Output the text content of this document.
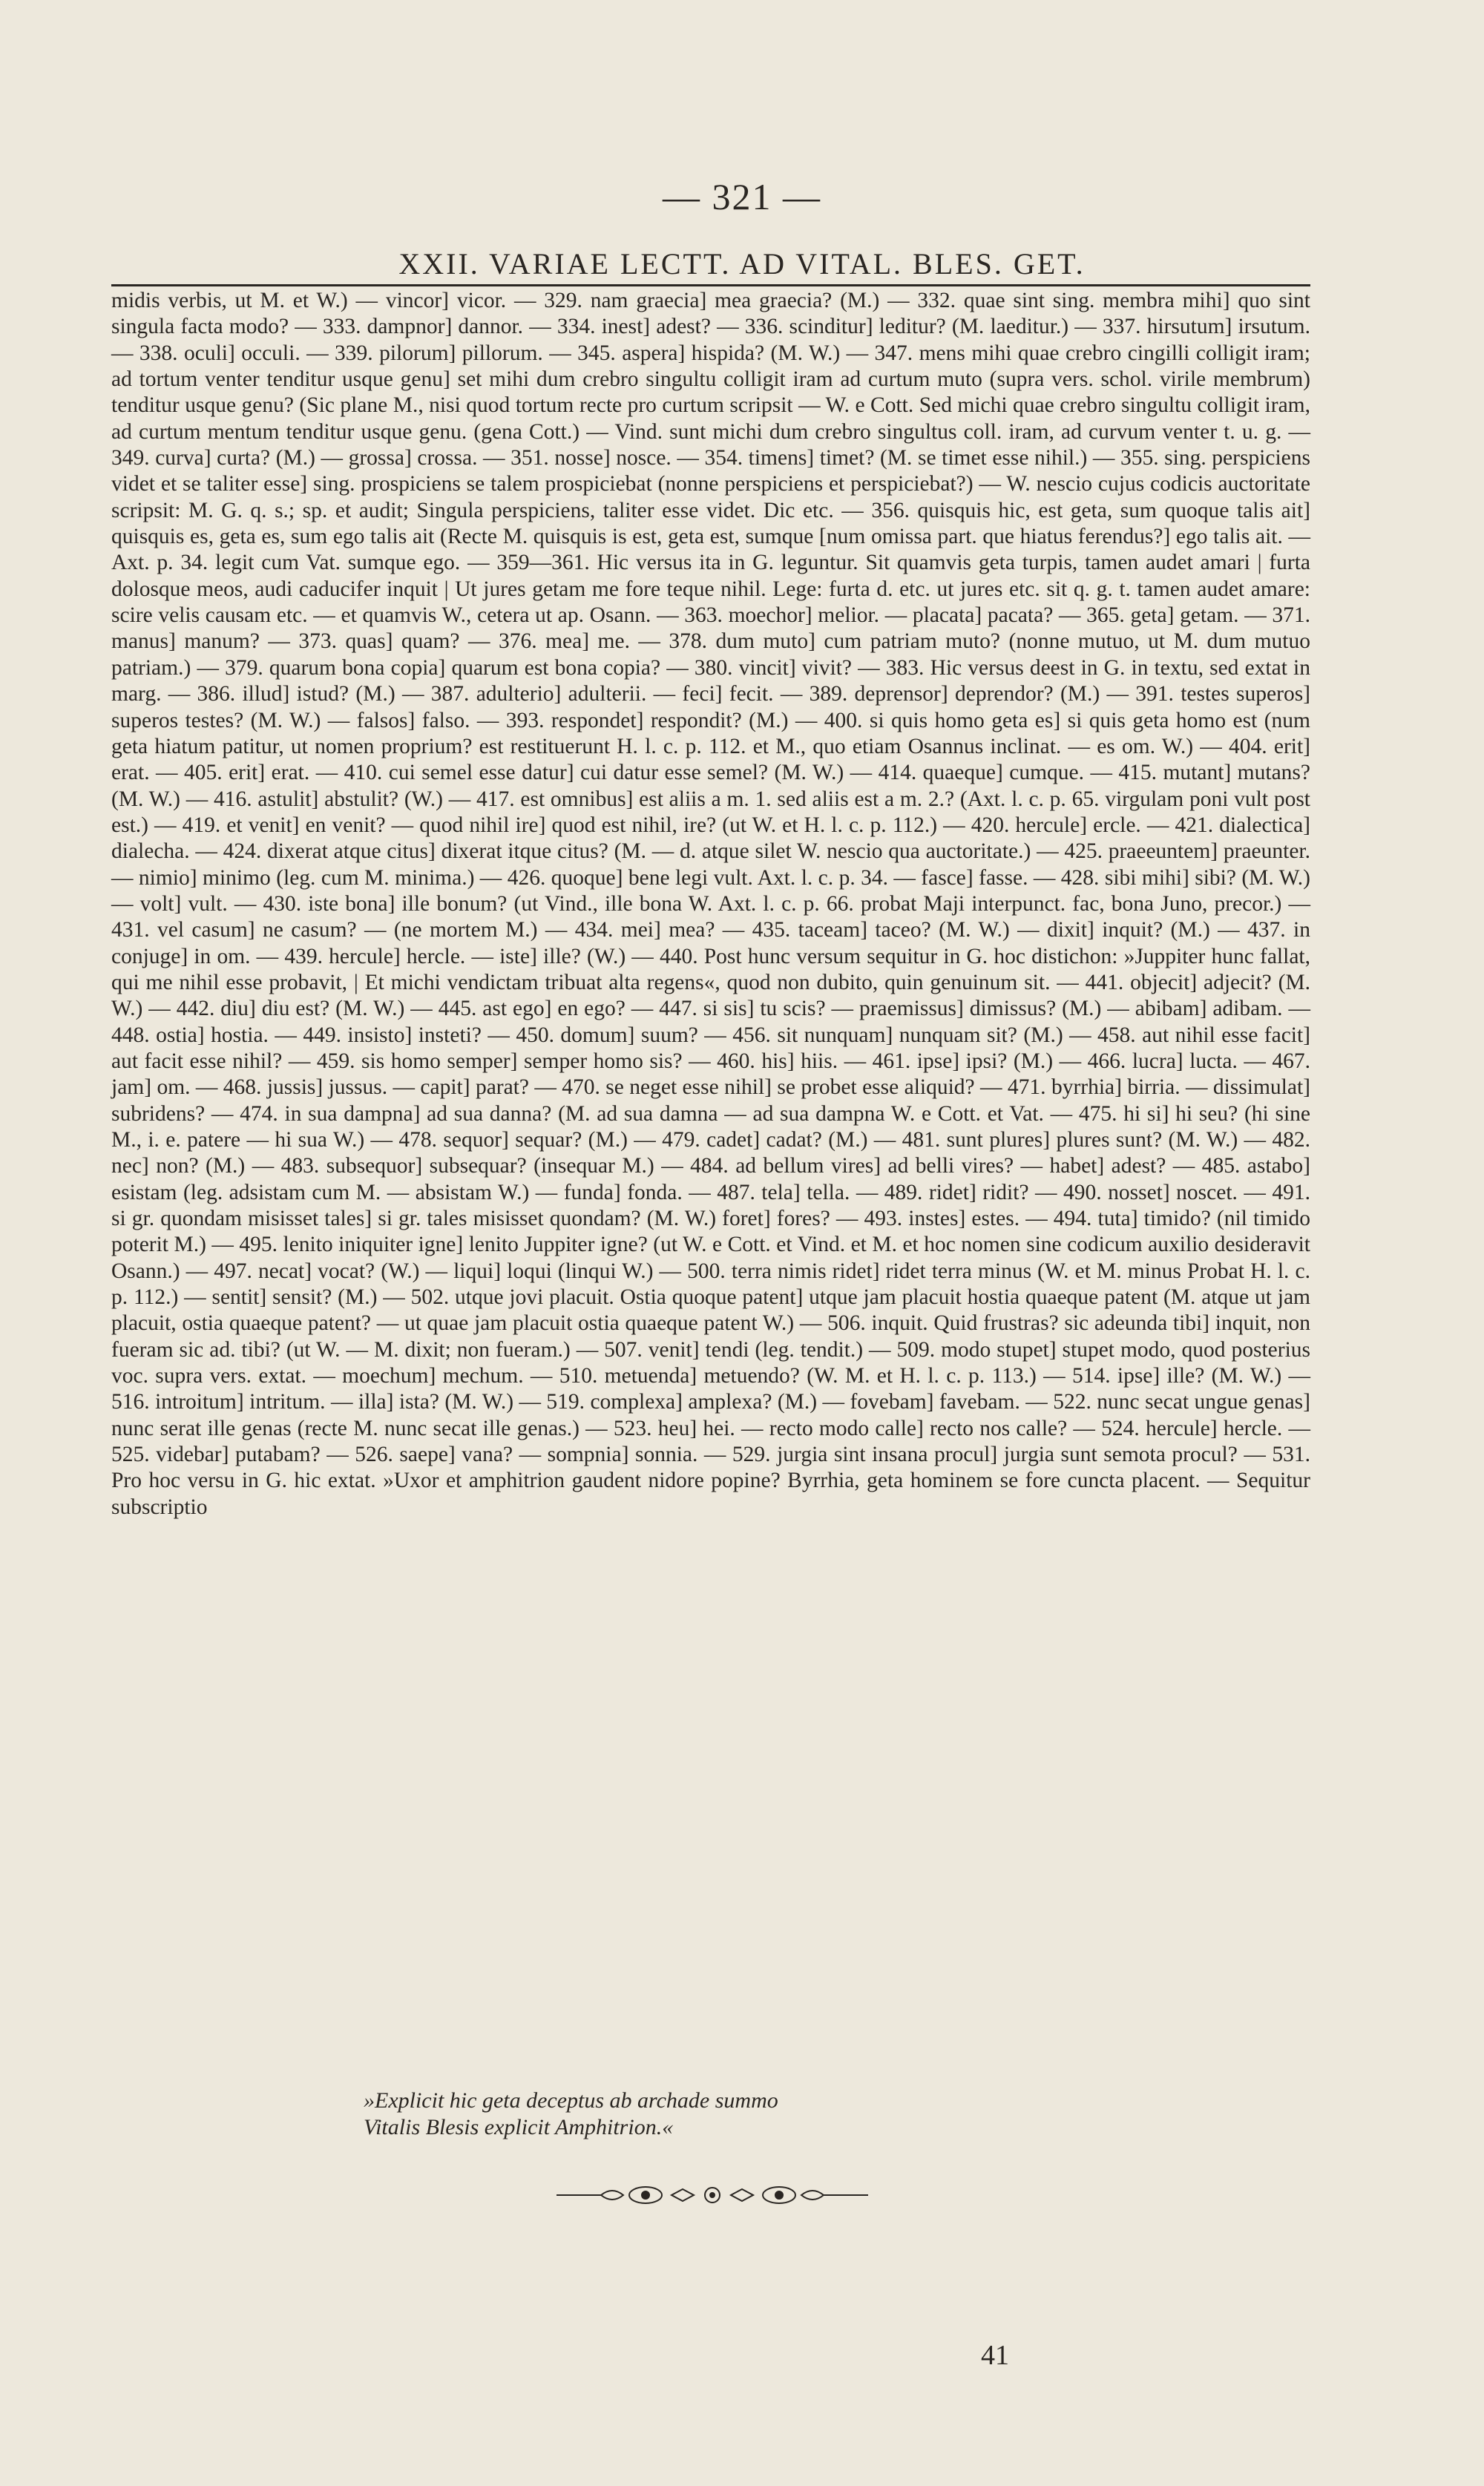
— 321 —
XXII. VARIAE LECTT. AD VITAL. BLES. GET.

midis verbis, ut M. et W.) — vincor] vicor. — 329. nam graecia] mea graecia? (M.) — 332. quae sint sing. membra mihi] quo sint singula facta modo? — 333. dampnor] dannor. — 334. inest] adest? — 336. scinditur] leditur? (M. laeditur.) — 337. hirsutum] irsutum. — 338. oculi] occuli. — 339. pilorum] pillorum. — 345. aspera] hispida? (M. W.) — 347. mens mihi quae crebro cingilli colligit iram; ad tortum venter tenditur usque genu] set mihi dum crebro singultu colligit iram ad curtum muto (supra vers. schol. virile membrum) tenditur usque genu? (Sic plane M., nisi quod tortum recte pro curtum scripsit — W. e Cott. Sed michi quae crebro singultu colligit iram, ad curtum mentum tenditur usque genu. (gena Cott.) — Vind. sunt michi dum crebro singultus coll. iram, ad curvum venter t. u. g. — 349. curva] curta? (M.) — grossa] crossa. — 351. nosse] nosce. — 354. timens] timet? (M. se timet esse nihil.) — 355. sing. perspiciens videt et se taliter esse] sing. prospiciens se talem prospiciebat (nonne perspiciens et perspiciebat?) — W. nescio cujus codicis auctoritate scripsit: M. G. q. s.; sp. et audit; Singula perspiciens, taliter esse videt. Dic etc. — 356. quisquis hic, est geta, sum quoque talis ait] quisquis es, geta es, sum ego talis ait (Recte M. quisquis is est, geta est, sumque [num omissa part. que hiatus ferendus?] ego talis ait. — Axt. p. 34. legit cum Vat. sumque ego. — 359—361. Hic versus ita in G. leguntur. Sit quamvis geta turpis, tamen audet amari | furta dolosque meos, audi caducifer inquit | Ut jures getam me fore teque nihil. Lege: furta d. etc. ut jures etc. sit q. g. t. tamen audet amare: scire velis causam etc. — et quamvis W., cetera ut ap. Osann. — 363. moechor] melior. — placata] pacata? — 365. geta] getam. — 371. manus] manum? — 373. quas] quam? — 376. mea] me. — 378. dum muto] cum patriam muto? (nonne mutuo, ut M. dum mutuo patriam.) — 379. quarum bona copia] quarum est bona copia? — 380. vincit] vivit? — 383. Hic versus deest in G. in textu, sed extat in marg. — 386. illud] istud? (M.) — 387. adulterio] adulterii. — feci] fecit. — 389. deprensor] deprendor? (M.) — 391. testes superos] superos testes? (M. W.) — falsos] falso. — 393. respondet] respondit? (M.) — 400. si quis homo geta es] si quis geta homo est (num geta hiatum patitur, ut nomen proprium? est restituerunt H. l. c. p. 112. et M., quo etiam Osannus inclinat. — es om. W.) — 404. erit] erat. — 405. erit] erat. — 410. cui semel esse datur] cui datur esse semel? (M. W.) — 414. quaeque] cumque. — 415. mutant] mutans? (M. W.) — 416. astulit] abstulit? (W.) — 417. est omnibus] est aliis a m. 1. sed aliis est a m. 2.? (Axt. l. c. p. 65. virgulam poni vult post est.) — 419. et venit] en venit? — quod nihil ire] quod est nihil, ire? (ut W. et H. l. c. p. 112.) — 420. hercule] ercle. — 421. dialectica] dialecha. — 424. dixerat atque citus] dixerat itque citus? (M. — d. atque silet W. nescio qua auctoritate.) — 425. praeeuntem] praeunter. — nimio] minimo (leg. cum M. minima.) — 426. quoque] bene legi vult. Axt. l. c. p. 34. — fasce] fasse. — 428. sibi mihi] sibi? (M. W.) — volt] vult. — 430. iste bona] ille bonum? (ut Vind., ille bona W. Axt. l. c. p. 66. probat Maji interpunct. fac, bona Juno, precor.) — 431. vel casum] ne casum? — (ne mortem M.) — 434. mei] mea? — 435. taceam] taceo? (M. W.) — dixit] inquit? (M.) — 437. in conjuge] in om. — 439. hercule] hercle. — iste] ille? (W.) — 440. Post hunc versum sequitur in G. hoc distichon: »Juppiter hunc fallat, qui me nihil esse probavit, | Et michi vendictam tribuat alta regens«, quod non dubito, quin genuinum sit. — 441. objecit] adjecit? (M. W.) — 442. diu] diu est? (M. W.) — 445. ast ego] en ego? — 447. si sis] tu scis? — praemissus] dimissus? (M.) — abibam] adibam. — 448. ostia] hostia. — 449. insisto] insteti? — 450. domum] suum? — 456. sit nunquam] nunquam sit? (M.) — 458. aut nihil esse facit] aut facit esse nihil? — 459. sis homo semper] semper homo sis? — 460. his] hiis. — 461. ipse] ipsi? (M.) — 466. lucra] lucta. — 467. jam] om. — 468. jussis] jussus. — capit] parat? — 470. se neget esse nihil] se probet esse aliquid? — 471. byrrhia] birria. — dissimulat] subridens? — 474. in sua dampna] ad sua danna? (M. ad sua damna — ad sua dampna W. e Cott. et Vat. — 475. hi si] hi seu? (hi sine M., i. e. patere — hi sua W.) — 478. sequor] sequar? (M.) — 479. cadet] cadat? (M.) — 481. sunt plures] plures sunt? (M. W.) — 482. nec] non? (M.) — 483. subsequor] subsequar? (insequar M.) — 484. ad bellum vires] ad belli vires? — habet] adest? — 485. astabo] esistam (leg. adsistam cum M. — absistam W.) — funda] fonda. — 487. tela] tella. — 489. ridet] ridit? — 490. nosset] noscet. — 491. si gr. quondam misisset tales] si gr. tales misisset quondam? (M. W.) foret] fores? — 493. instes] estes. — 494. tuta] timido? (nil timido poterit M.) — 495. lenito iniquiter igne] lenito Juppiter igne? (ut W. e Cott. et Vind. et M. et hoc nomen sine codicum auxilio desideravit Osann.) — 497. necat] vocat? (W.) — liqui] loqui (linqui W.) — 500. terra nimis ridet] ridet terra minus (W. et M. minus Probat H. l. c. p. 112.) — sentit] sensit? (M.) — 502. utque jovi placuit. Ostia quoque patent] utque jam placuit hostia quaeque patent (M. atque ut jam placuit, ostia quaeque patent? — ut quae jam placuit ostia quaeque patent W.) — 506. inquit. Quid frustras? sic adeunda tibi] inquit, non fueram sic ad. tibi? (ut W. — M. dixit; non fueram.) — 507. venit] tendi (leg. tendit.) — 509. modo stupet] stupet modo, quod posterius voc. supra vers. extat. — moechum] mechum. — 510. metuenda] metuendo? (W. M. et H. l. c. p. 113.) — 514. ipse] ille? (M. W.) — 516. introitum] intritum. — illa] ista? (M. W.) — 519. complexa] amplexa? (M.) — fovebam] favebam. — 522. nunc secat ungue genas] nunc serat ille genas (recte M. nunc secat ille genas.) — 523. heu] hei. — recto modo calle] recto nos calle? — 524. hercule] hercle. — 525. videbar] putabam? — 526. saepe] vana? — sompnia] sonnia. — 529. jurgia sint insana procul] jurgia sunt semota procul? — 531. Pro hoc versu in G. hic extat. »Uxor et amphitrion gaudent nidore popine? Byrrhia, geta hominem se fore cuncta placent. — Sequitur subscriptio

»Explicit hic geta deceptus ab archade summo
Vitalis Blesis explicit Amphitrion.«
41
